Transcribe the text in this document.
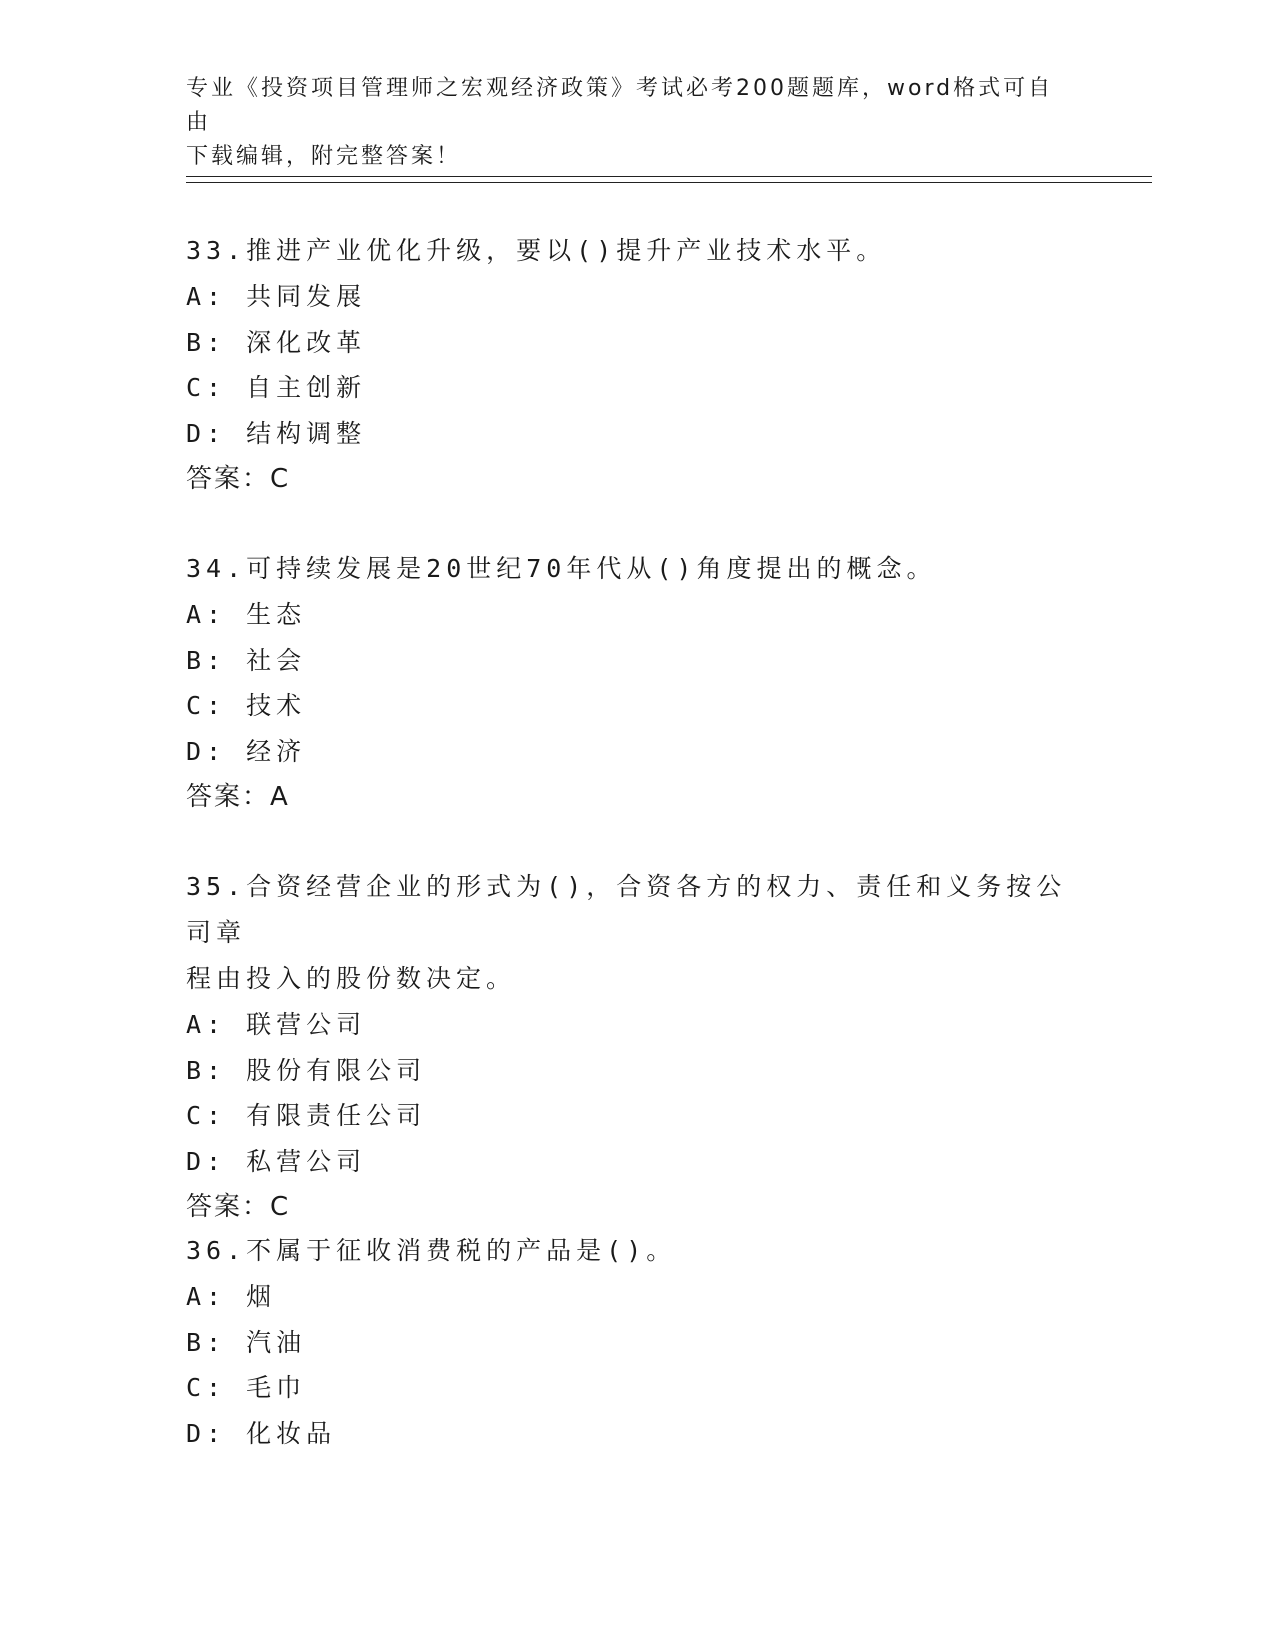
专业《投资项目管理师之宏观经济政策》考试必考200题题库，word格式可自由
下载编辑，附完整答案！
33.推进产业优化升级，要以()提升产业技术水平。
A: 共同发展
B: 深化改革
C: 自主创新
D: 结构调整
答案：C
34.可持续发展是20世纪70年代从()角度提出的概念。
A: 生态
B: 社会
C: 技术
D: 经济
答案：A
35.合资经营企业的形式为()，合资各方的权力、责任和义务按公司章
程由投入的股份数决定。
A: 联营公司
B: 股份有限公司
C: 有限责任公司
D: 私营公司
答案：C
36.不属于征收消费税的产品是()。
A: 烟
B: 汽油
C: 毛巾
D: 化妆品
